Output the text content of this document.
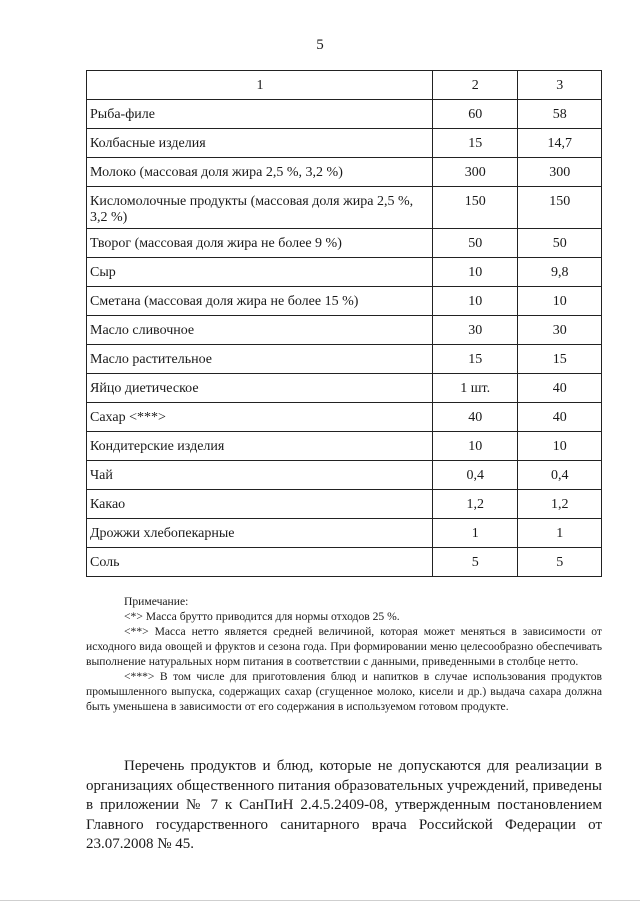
5
1	2	3
Рыба-филе	60	58
Колбасные изделия	15	14,7
Молоко (массовая доля жира 2,5 %, 3,2 %)	300	300
Кисломолочные продукты (массовая доля жира 2,5 %, 3,2 %)	150	150
Творог (массовая доля жира не более 9 %)	50	50
Сыр	10	9,8
Сметана (массовая доля жира не более 15 %)	10	10
Масло сливочное	30	30
Масло растительное	15	15
Яйцо диетическое	1 шт.	40
Сахар <***>	40	40
Кондитерские изделия	10	10
Чай	0,4	0,4
Какао	1,2	1,2
Дрожжи хлебопекарные	1	1
Соль	5	5
Примечание:

<*> Масса брутто приводится для нормы отходов 25 %.

<**> Масса нетто является средней величиной, которая может меняться в зависимости от исходного вида овощей и фруктов и сезона года. При формировании меню целесообразно обеспечивать выполнение натуральных норм питания в соответствии с данными, приведенными в столбце нетто.

<***> В том числе для приготовления блюд и напитков в случае использования продуктов промышленного выпуска, содержащих сахар (сгущенное молоко, кисели и др.) выдача сахара должна быть уменьшена в зависимости от его содержания в используемом готовом продукте.

Перечень продуктов и блюд, которые не допускаются для реализации в организациях общественного питания образовательных учреждений, приведены в приложении № 7 к СанПиН 2.4.5.2409-08, утвержденным постановлением Главного государственного санитарного врача Российской Федерации от 23.07.2008 № 45.
